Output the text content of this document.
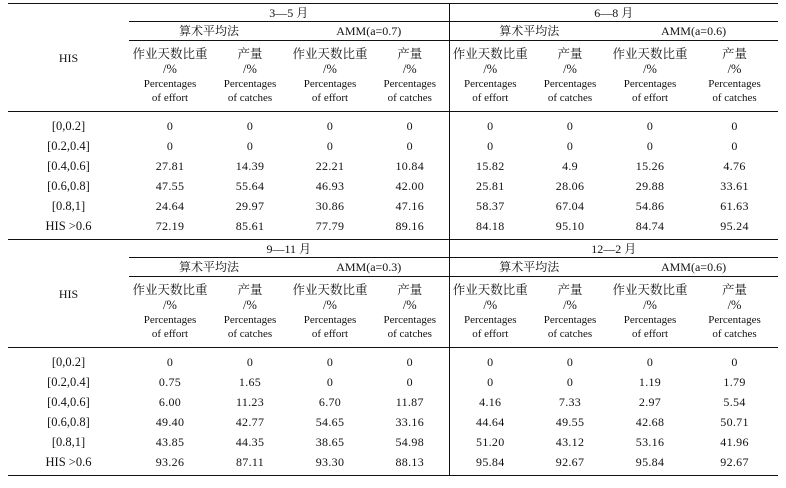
HIS	3—5 月				6—8 月			
	算术平均法		AMM(a=0.7)		算术平均法		AMM(a=0.6)	

	作业天数比重
/%
Percentages
of effort	产量
/%
Percentages
of catches	作业天数比重
/%
Percentages
of effort	产量
/%
Percentages
of catches	作业天数比重
/%
Percentages
of effort	产量
/%
Percentages
of catches	作业天数比重
/%
Percentages
of effort	产量
/%
Percentages
of catches

[0,0.2]	0	0	0	0	0	0	0	0
[0.2,0.4]	0	0	0	0	0	0	0	0
[0.4,0.6]	27.81	14.39	22.21	10.84	15.82	4.9	15.26	4.76
[0.6,0.8]	47.55	55.64	46.93	42.00	25.81	28.06	29.88	33.61
[0.8,1]	24.64	29.97	30.86	47.16	58.37	67.04	54.86	61.63
HIS >0.6	72.19	85.61	77.79	89.16	84.18	95.10	84.74	95.24
HIS	9—11 月				12—2 月			
	算术平均法		AMM(a=0.3)		算术平均法		AMM(a=0.6)	

	作业天数比重
/%
Percentages
of effort	产量
/%
Percentages
of catches	作业天数比重
/%
Percentages
of effort	产量
/%
Percentages
of catches	作业天数比重
/%
Percentages
of effort	产量
/%
Percentages
of catches	作业天数比重
/%
Percentages
of effort	产量
/%
Percentages
of catches

[0,0.2]	0	0	0	0	0	0	0	0
[0.2,0.4]	0.75	1.65	0	0	0	0	1.19	1.79
[0.4,0.6]	6.00	11.23	6.70	11.87	4.16	7.33	2.97	5.54
[0.6,0.8]	49.40	42.77	54.65	33.16	44.64	49.55	42.68	50.71
[0.8,1]	43.85	44.35	38.65	54.98	51.20	43.12	53.16	41.96
HIS >0.6	93.26	87.11	93.30	88.13	95.84	92.67	95.84	92.67
